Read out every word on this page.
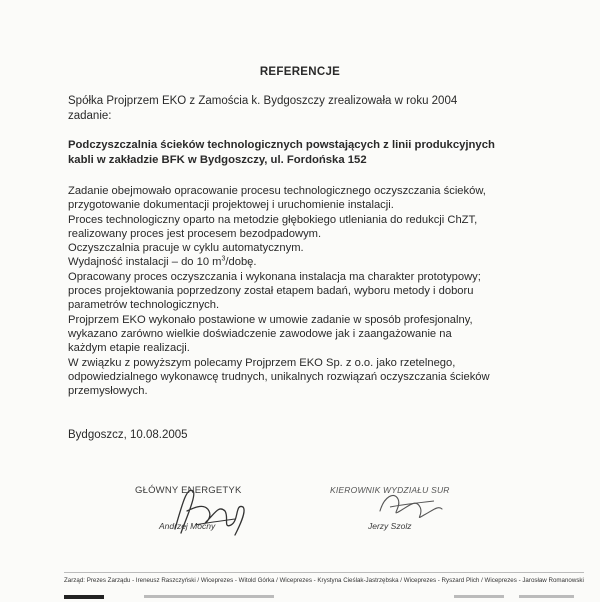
REFERENCJE
Spółka Projprzem EKO z Zamościa k. Bydgoszczy zrealizowała w roku 2004
zadanie:
Podczyszczalnia ścieków technologicznych powstających z linii produkcyjnych
kabli w zakładzie BFK w Bydgoszczy, ul. Fordońska 152

Zadanie obejmowało opracowanie procesu technologicznego oczyszczania ścieków,

przygotowanie dokumentacji projektowej i uruchomienie instalacji.

Proces technologiczny oparto na metodzie głębokiego utleniania do redukcji ChZT,

realizowany proces jest procesem bezodpadowym.

Oczyszczalnia pracuje w cyklu automatycznym.

Wydajność instalacji – do 10 $m^3$/dobę.

Opracowany proces oczyszczania i wykonana instalacja ma charakter prototypowy;

proces projektowania poprzedzony został etapem badań, wyboru metody i doboru

parametrów technologicznych.

Projprzem EKO wykonało postawione w umowie zadanie w sposób profesjonalny,

wykazano zarówno wielkie doświadczenie zawodowe jak i zaangażowanie na

każdym etapie realizacji.

W związku z powyższym polecamy Projprzem EKO Sp. z o.o. jako rzetelnego,

odpowiedzialnego wykonawcę trudnych, unikalnych rozwiązań oczyszczania ścieków

przemysłowych.

Bydgoszcz, 10.08.2005
GŁÓWNY ENERGETYK
Andrzej Mocny
KIEROWNIK WYDZIAŁU SUR
Jerzy Szolz
Zarząd: Prezes Zarządu - Ireneusz Raszczyński / Wiceprezes - Witold Górka / Wiceprezes - Krystyna Cieślak-Jastrzębska / Wiceprezes - Ryszard Plich / Wiceprezes - Jarosław Romanowski
